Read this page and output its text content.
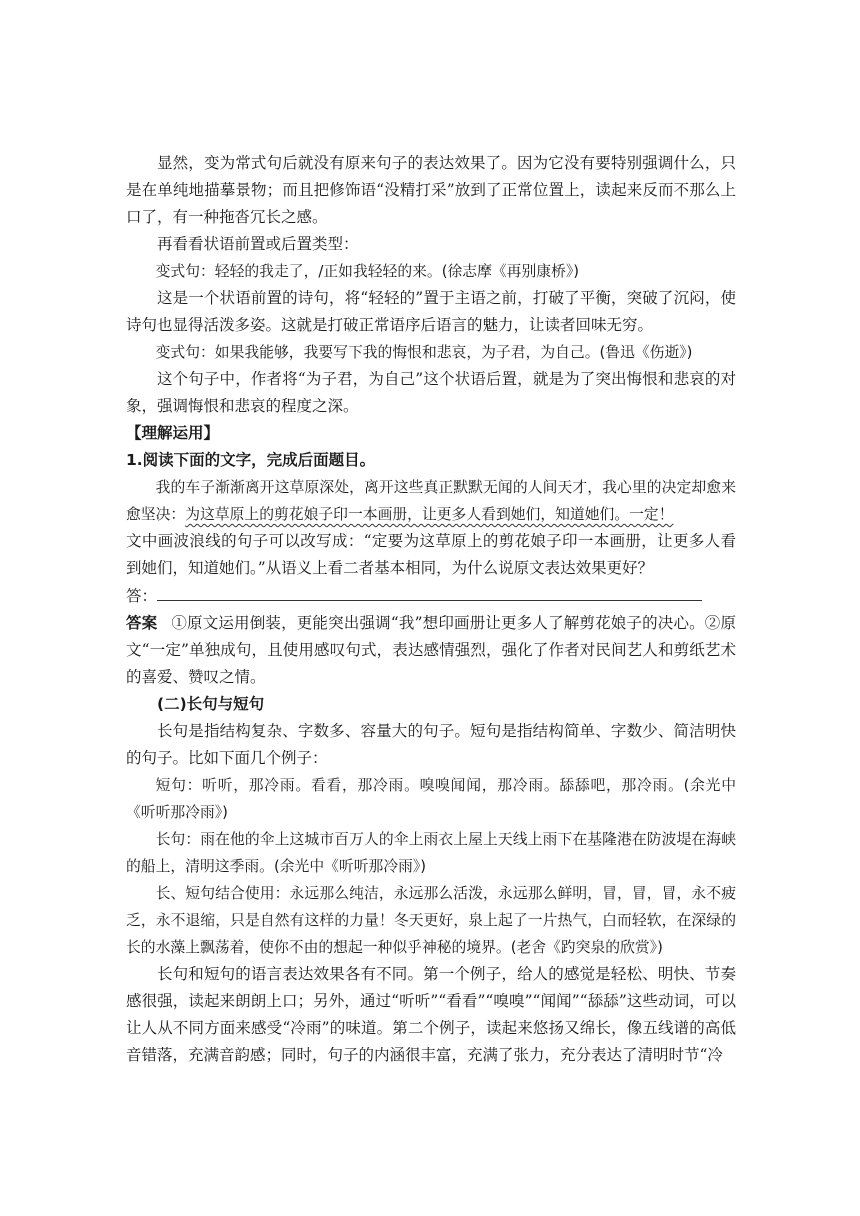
显然，变为常式句后就没有原来句子的表达效果了。因为它没有要特别强调什么，只是在单纯地描摹景物；而且把修饰语“没精打采”放到了正常位置上，读起来反而不那么上口了，有一种拖沓冗长之感。

再看看状语前置或后置类型：

变式句：轻轻的我走了，/正如我轻轻的来。(徐志摩《再别康桥》)

这是一个状语前置的诗句，将“轻轻的”置于主语之前，打破了平衡，突破了沉闷，使诗句也显得活泼多姿。这就是打破正常语序后语言的魅力，让读者回味无穷。

变式句：如果我能够，我要写下我的悔恨和悲哀，为子君，为自己。(鲁迅《伤逝》)

这个句子中，作者将“为子君，为自己”这个状语后置，就是为了突出悔恨和悲哀的对象，强调悔恨和悲哀的程度之深。

【理解运用】

1.阅读下面的文字，完成后面题目。

我的车子渐渐离开这草原深处，离开这些真正默默无闻的人间天才，我心里的决定却愈来愈坚决：为这草原上的剪花娘子印一本画册，让更多人看到她们，知道她们。一定！

文中画波浪线的句子可以改写成：“定要为这草原上的剪花娘子印一本画册，让更多人看到她们，知道她们。”从语义上看二者基本相同，为什么说原文表达效果更好？

答：

答案 ①原文运用倒装，更能突出强调“我”想印画册让更多人了解剪花娘子的决心。②原文“一定”单独成句，且使用感叹句式，表达感情强烈，强化了作者对民间艺人和剪纸艺术的喜爱、赞叹之情。

(二)长句与短句

长句是指结构复杂、字数多、容量大的句子。短句是指结构简单、字数少、简洁明快的句子。比如下面几个例子：

短句：听听，那冷雨。看看，那冷雨。嗅嗅闻闻，那冷雨。舔舔吧，那冷雨。(余光中《听听那冷雨》)

长句：雨在他的伞上这城市百万人的伞上雨衣上屋上天线上雨下在基隆港在防波堤在海峡的船上，清明这季雨。(余光中《听听那冷雨》)

长、短句结合使用：永远那么纯洁，永远那么活泼，永远那么鲜明，冒，冒，冒，永不疲乏，永不退缩，只是自然有这样的力量！冬天更好，泉上起了一片热气，白而轻软，在深绿的长的水藻上飘荡着，使你不由的想起一种似乎神秘的境界。(老舍《趵突泉的欣赏》)

长句和短句的语言表达效果各有不同。第一个例子，给人的感觉是轻松、明快、节奏感很强，读起来朗朗上口；另外，通过“听听”“看看”“嗅嗅”“闻闻”“舔舔”这些动词，可以让人从不同方面来感受“冷雨”的味道。第二个例子，读起来悠扬又绵长，像五线谱的高低音错落，充满音韵感；同时，句子的内涵很丰富，充满了张力，充分表达了清明时节“冷
